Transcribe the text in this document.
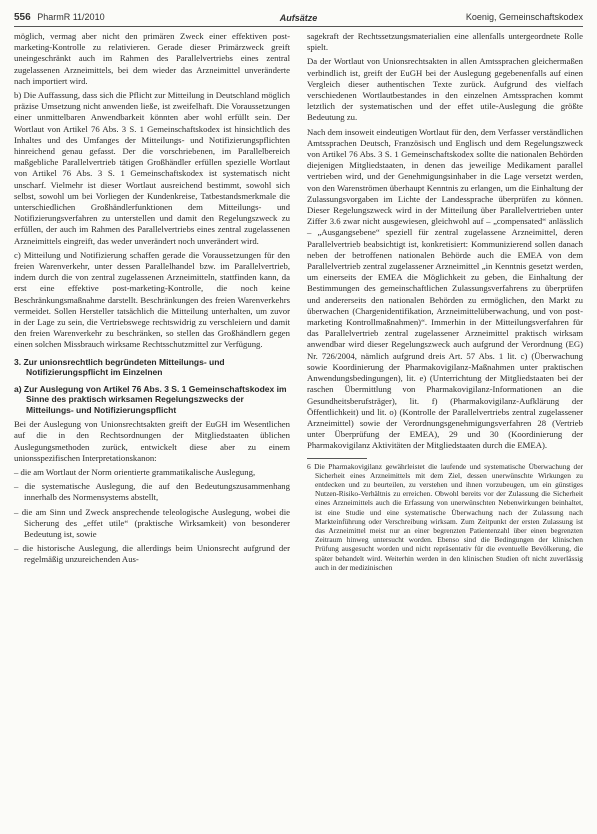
556 PharmR 11/2010	Aufsätze	Koenig, Gemeinschaftskodex

möglich, vermag aber nicht den primären Zweck einer effektiven post-marketing-Kontrolle zu relativieren. Gerade dieser Primärzweck greift uneingeschränkt auch im Rahmen des Parallelvertriebs eines zentral zugelassenen Arzneimittels, bei dem wieder das Arzneimittel unveränderte nach importiert wird.

b) Die Auffassung, dass sich die Pflicht zur Mitteilung in Deutschland möglich präzise Umsetzung nicht anwenden ließe, ist zweifelhaft. Die Voraussetzungen einer unmittelbaren Anwendbarkeit könnten aber wohl erfüllt sein. Der Wortlaut von Artikel 76 Abs. 3 S. 1 Gemeinschaftskodex ist hinsichtlich des Inhaltes und des Umfanges der Mitteilungs- und Notifizierungspflichten hinreichend genau gefasst. Der die vorschriebenen, im Parallelbereich maßgebliche Parallelvertrieb tätigen Großhändler erfüllen spezielle Wortlaut von Artikel 76 Abs. 3 S. 1 Gemeinschaftskodex ist systematisch nicht unscharf. Vielmehr ist dieser Wortlaut ausreichend bestimmt, sowohl sich selbst, sowohl um bei Vorliegen der Kundenkreise, Tatbestandsmerkmale die unterschiedlichen Großhändlerfunktionen dem Mitteilungs- und Notifizierungsverfahren zu unterstellen und damit den Regelungszweck zu erfüllen, der auch im Rahmen des Parallelvertriebs eines zentral zugelassenen Arzneimittels eingreift, das weder unverändert noch unverändert wird.

c) Mitteilung und Notifizierung schaffen gerade die Voraussetzungen für den freien Warenverkehr, unter dessen Parallelhandel bzw. im Parallelvertrieb, indem durch die von zentral zugelassenen Arzneimitteln, stattfinden kann, da erst eine effektive post-marketing-Kontrolle, die noch keine Beschränkungsmaßnahme darstellt. Beschränkungen des freien Warenverkehrs vermeidet. Sollen Hersteller tatsächlich die Mitteilung unterhalten, um zuvor in der Lage zu sein, die Vertriebswege rechtswidrig zu verschleiern und damit den freien Warenverkehr zu beschränken, so stellen das Großhändlern gegen einen solchen Missbrauch wirksame Rechtsschutzmittel zur Verfügung.

3. Zur unionsrechtlich begründeten Mitteilungs- und Notifizierungspflicht im Einzelnen
a) Zur Auslegung von Artikel 76 Abs. 3 S. 1 Gemeinschaftskodex im Sinne des praktisch wirksamen Regelungszwecks der Mitteilungs- und Notifizierungspflicht

Bei der Auslegung von Unionsrechtsakten greift der EuGH im Wesentlichen auf die in den Rechtsordnungen der Mitgliedstaaten üblichen Auslegungsmethoden zurück, entwickelt diese aber zu einem unionsspezifischen Interpretationskanon:

– die am Wortlaut der Norm orientierte grammatikalische Auslegung,
– die systematische Auslegung, die auf den Bedeutungszusammenhang innerhalb des Normensystems abstellt,
– die am Sinn und Zweck ansprechende teleologische Auslegung, wobei die Sicherung des „effet utile“ (praktische Wirksamkeit) von besonderer Bedeutung ist, sowie
– die historische Auslegung, die allerdings beim Unionsrecht aufgrund der regelmäßig unzureichenden Aus-

sagekraft der Rechtssetzungsmaterialien eine allenfalls untergeordnete Rolle spielt.

Da der Wortlaut von Unionsrechtsakten in allen Amtssprachen gleichermaßen verbindlich ist, greift der EuGH bei der Auslegung gegebenenfalls auf einen Vergleich dieser authentischen Texte zurück. Aufgrund des vielfach verschiedenen Wortlautbestandes in den einzelnen Amtssprachen kommt letztlich der systematischen und der effet utile-Auslegung die größte Bedeutung zu.

Nach dem insoweit eindeutigen Wortlaut für den, dem Verfasser verständlichen Amtssprachen Deutsch, Französisch und Englisch und dem Regelungszweck von Artikel 76 Abs. 3 S. 1 Gemeinschaftskodex sollte die nationalen Behörden diejenigen Mitgliedstaaten, in denen das jeweilige Medikament parallel vertrieben wird, und der Genehmigungsinhaber in die Lage versetzt werden, von den Warenströmen überhaupt Kenntnis zu erlangen, um die Einhaltung der Zulassungsvorgaben im Lichte der Landessprache überprüfen zu können. Dieser Regelungszweck wird in der Mitteilung über Parallelvertrieben unter Ziffer 3.6 zwar nicht ausgewiesen, gleichwohl auf – „compensated“ anlässlich – „Ausgangsebene“ speziell für zentral zugelassene Arzneimittel, deren Parallelvertrieb beabsichtigt ist, konkretisiert: Kommunizierend sollen danach neben der betroffenen nationalen Behörde auch die EMEA von dem Parallelvertrieb zentral zugelassener Arzneimittel „in Kenntnis gesetzt werden, um einerseits der EMEA die Möglichkeit zu geben, die Einhaltung der Bestimmungen des gemeinschaftlichen Zulassungsverfahrens zu überprüfen und andererseits den nationalen Behörden zu ermöglichen, den Markt zu überwachen (Chargenidentifikation, Arzneimittelüberwachung, und von post-marketing Kontrollmaßnahmen)“. Immerhin in der Mitteilungsverfahren für das Parallelvertrieb zentral zugelassener Arzneimittel praktisch wirksam anwendbar wird dieser Regelungszweck auch aufgrund der Verordnung (EG) Nr. 726/2004, nämlich aufgrund dreis Art. 57 Abs. 1 lit. c) (Überwachung sowie Koordinierung der Pharmakovigilanz-Maßnahmen unter praktischen Anwendungsbedingungen), lit. e) (Unterrichtung der Mitgliedstaaten bei der raschen Übermittlung von Pharmakovigilanz-Informationen an die Gesundheitsberufsträger), lit. f) (Pharmakovigilanz-Aufklärung der Öffentlichkeit) und lit. o) (Kontrolle der Parallelvertriebs zentral zugelassener Arzneimittel) sowie der Verordnungsgenehmigungsverfahren 28 (Vertrieb unter Überprüfung der EMEA), 29 und 30 (Koordinierung der Pharmakovigilanz Aktivitäten der Mitgliedstaaten durch die EMEA).

6 Die Pharmakovigilanz gewährleistet die laufende und systematische Überwachung der Sicherheit eines Arzneimittels mit dem Ziel, dessen unerwünschte Wirkungen zu entdecken und zu beurteilen, zu verstehen und ihnen vorzubeugen, um ein günstiges Nutzen-Risiko-Verhältnis zu erreichen. Obwohl bereits vor der Zulassung die Sicherheit eines Arzneimittels auch die Erfassung von unerwünschten Nebenwirkungen beinhaltet, ist eine Studie und eine systematische Überwachung nach der Zulassung nach Markteinführung oder Verschreibung wirksam. Zum Zeitpunkt der ersten Zulassung ist das Arzneimittel meist nur an einer begrenzten Patientenzahl über einen begrenzten Zeitraum hinweg untersucht worden. Ebenso sind die Bedingungen der klinischen Prüfung ausgesucht worden und nicht repräsentativ für die eventuelle Bevölkerung, die später behandelt wird. Weiterhin werden in den klinischen Studien oft nicht zuverlässig auch in der medizinischen
